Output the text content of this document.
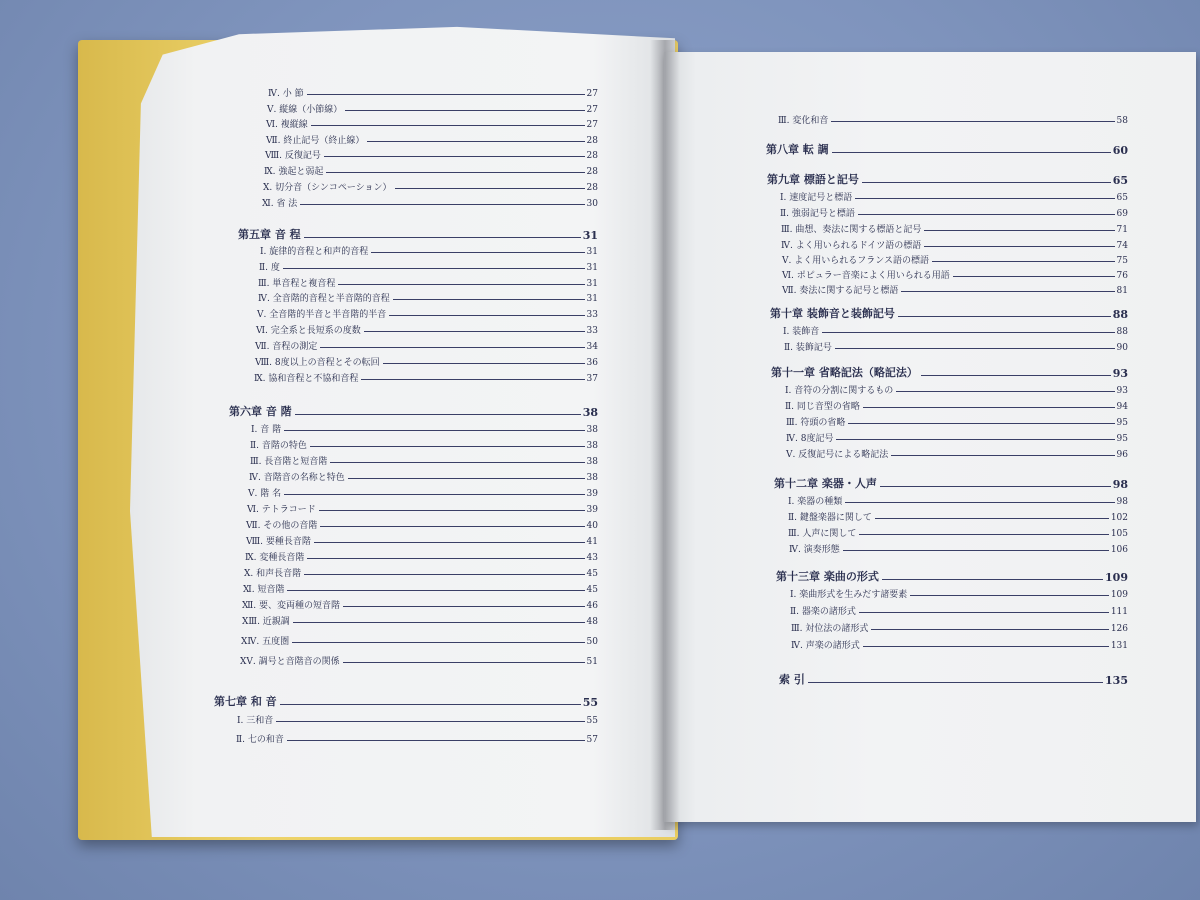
Ⅳ. 小 節	27
Ⅴ. 縦線（小節線）	27
Ⅵ. 複縦線	27
Ⅶ. 終止記号（終止線）	28
Ⅷ. 反復記号	28
Ⅸ. 強起と弱起	28
Ⅹ. 切分音（シンコペーション）	28
Ⅺ. 省 法	30
第五章 音 程	31
Ⅰ. 旋律的音程と和声的音程	31
Ⅱ. 度	31
Ⅲ. 単音程と複音程	31
Ⅳ. 全音階的音程と半音階的音程	31
Ⅴ. 全音階的半音と半音階的半音	33
Ⅵ. 完全系と長短系の度数	33
Ⅶ. 音程の測定	34
Ⅷ. 8度以上の音程とその転回	36
Ⅸ. 協和音程と不協和音程	37
第六章 音 階	38
Ⅰ. 音 階	38
Ⅱ. 音階の特色	38
Ⅲ. 長音階と短音階	38
Ⅳ. 音階音の名称と特色	38
Ⅴ. 階 名	39
Ⅵ. テトラコード	39
Ⅶ. その他の音階	40
Ⅷ. 要種長音階	41
Ⅸ. 変種長音階	43
Ⅹ. 和声長音階	45
Ⅺ. 短音階	45
Ⅻ. 要、変両種の短音階	46
ⅩⅢ. 近親調	48
ⅩⅣ. 五度圏	50
ⅩⅤ. 調号と音階音の関係	51
第七章 和 音	55
Ⅰ. 三和音	55
Ⅱ. 七の和音	57
Ⅲ. 変化和音	58
第八章 転 調	60
第九章 標語と記号	65
Ⅰ. 速度記号と標語	65
Ⅱ. 強弱記号と標語	69
Ⅲ. 曲想、奏法に関する標語と記号	71
Ⅳ. よく用いられるドイツ語の標語	74
Ⅴ. よく用いられるフランス語の標語	75
Ⅵ. ポピュラー音楽によく用いられる用語	76
Ⅶ. 奏法に関する記号と標語	81
第十章 装飾音と装飾記号	88
Ⅰ. 装飾音	88
Ⅱ. 装飾記号	90
第十一章 省略記法（略記法）	93
Ⅰ. 音符の分割に関するもの	93
Ⅱ. 同じ音型の省略	94
Ⅲ. 符頭の省略	95
Ⅳ. 8度記号	95
Ⅴ. 反復記号による略記法	96
第十二章 楽器・人声	98
Ⅰ. 楽器の種類	98
Ⅱ. 鍵盤楽器に関して	102
Ⅲ. 人声に関して	105
Ⅳ. 演奏形態	106
第十三章 楽曲の形式	109
Ⅰ. 楽曲形式を生みだす諸要素	109
Ⅱ. 器楽の諸形式	111
Ⅲ. 対位法の諸形式	126
Ⅳ. 声楽の諸形式	131
索 引	135
